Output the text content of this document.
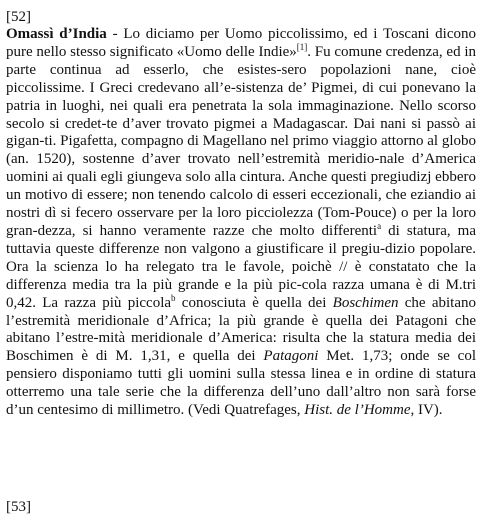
[52]
Omassì d’India - Lo diciamo per Uomo piccolissimo, ed i Toscani dicono pure nello stesso significato «Uomo delle Indie»[1]. Fu comune credenza, ed in parte continua ad esserlo, che esistes-sero popolazioni nane, cioè piccolissime. I Greci credevano all’e-sistenza de’ Pigmei, di cui ponevano la patria in luoghi, nei quali era penetrata la sola immaginazione. Nello scorso secolo si credet-te d’aver trovato pigmei a Madagascar. Dai nani si passò ai gigan-ti. Pigafetta, compagno di Magellano nel primo viaggio attorno al globo (an. 1520), sostenne d’aver trovato nell’estremità meridio-nale d’America uomini ai quali egli giungeva solo alla cintura. Anche questi pregiudizj ebbero un motivo di essere; non tenendo calcolo di esseri eccezionali, che eziandio ai nostri dì si fecero osservare per la loro picciolezza (Tom-Pouce) o per la loro gran-dezza, si hanno veramente razze che molto differenti$^a$ di statura, ma tuttavia queste differenze non valgono a giustificare il pregiu-dizio popolare. Ora la scienza lo ha relegato tra le favole, poichè // è constatato che la differenza media tra la più grande e la più pic-cola razza umana è di M.tri 0,42. La razza più piccola$^b$ conosciuta è quella dei Boschimen che abitano l’estremità meridionale d’Africa; la più grande è quella dei Patagoni che abitano l’estre-mità meridionale d’America: risulta che la statura media dei Boschimen è di M. 1,31, e quella dei Patagoni Met. 1,73; onde se col pensiero disponiamo tutti gli uomini sulla stessa linea e in ordine di statura otterremo una tale serie che la differenza dell’uno dall’altro non sarà forse d’un centesimo di millimetro. (Vedi Quatrefages, Hist. de l’Homme, IV).
[53]
